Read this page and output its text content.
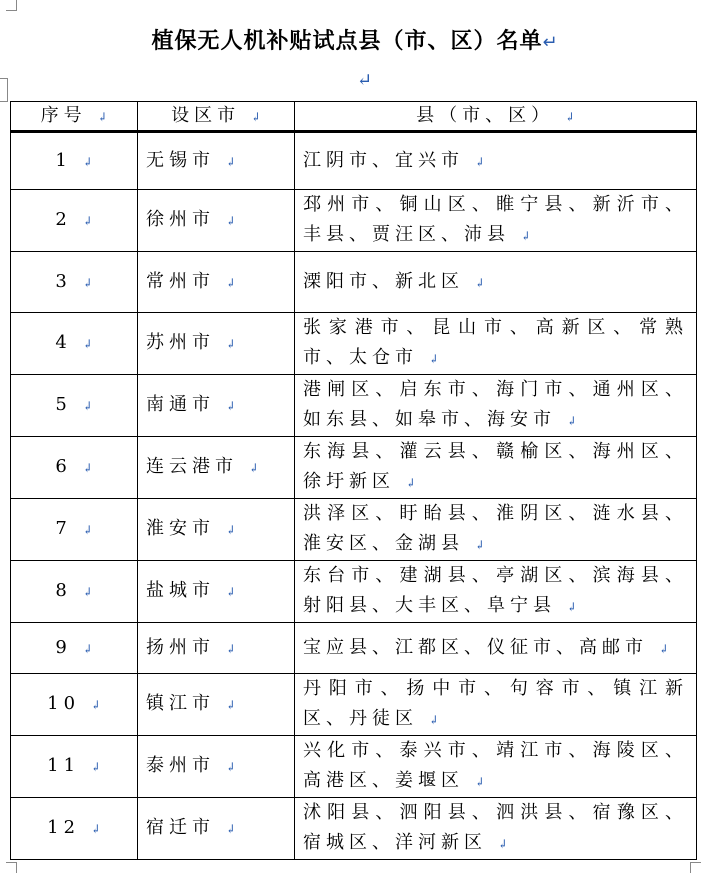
植保无人机补贴试点县（市、区）名单↵
↵
序号 ↲	设区市 ↲	县（市、区） ↲
1 ↲	无锡市 ↲	江阴市、宜兴市 ↲
2 ↲	徐州市 ↲	邳州市、铜山区、睢宁县、新沂市、丰县、贾汪区、沛县 ↲
3 ↲	常州市 ↲	溧阳市、新北区 ↲
4 ↲	苏州市 ↲	张家港市、昆山市、高新区、常熟市、太仓市 ↲
5 ↲	南通市 ↲	港闸区、启东市、海门市、通州区、如东县、如皋市、海安市 ↲
6 ↲	连云港市 ↲	东海县、灌云县、赣榆区、海州区、徐圩新区 ↲
7 ↲	淮安市 ↲	洪泽区、盱眙县、淮阴区、涟水县、淮安区、金湖县 ↲
8 ↲	盐城市 ↲	东台市、建湖县、亭湖区、滨海县、射阳县、大丰区、阜宁县 ↲
9 ↲	扬州市 ↲	宝应县、江都区、仪征市、高邮市 ↲
10 ↲	镇江市 ↲	丹阳市、扬中市、句容市、镇江新区、丹徒区 ↲
11 ↲	泰州市 ↲	兴化市、泰兴市、靖江市、海陵区、高港区、姜堰区 ↲
12 ↲	宿迁市 ↲	沭阳县、泗阳县、泗洪县、宿豫区、宿城区、洋河新区 ↲
